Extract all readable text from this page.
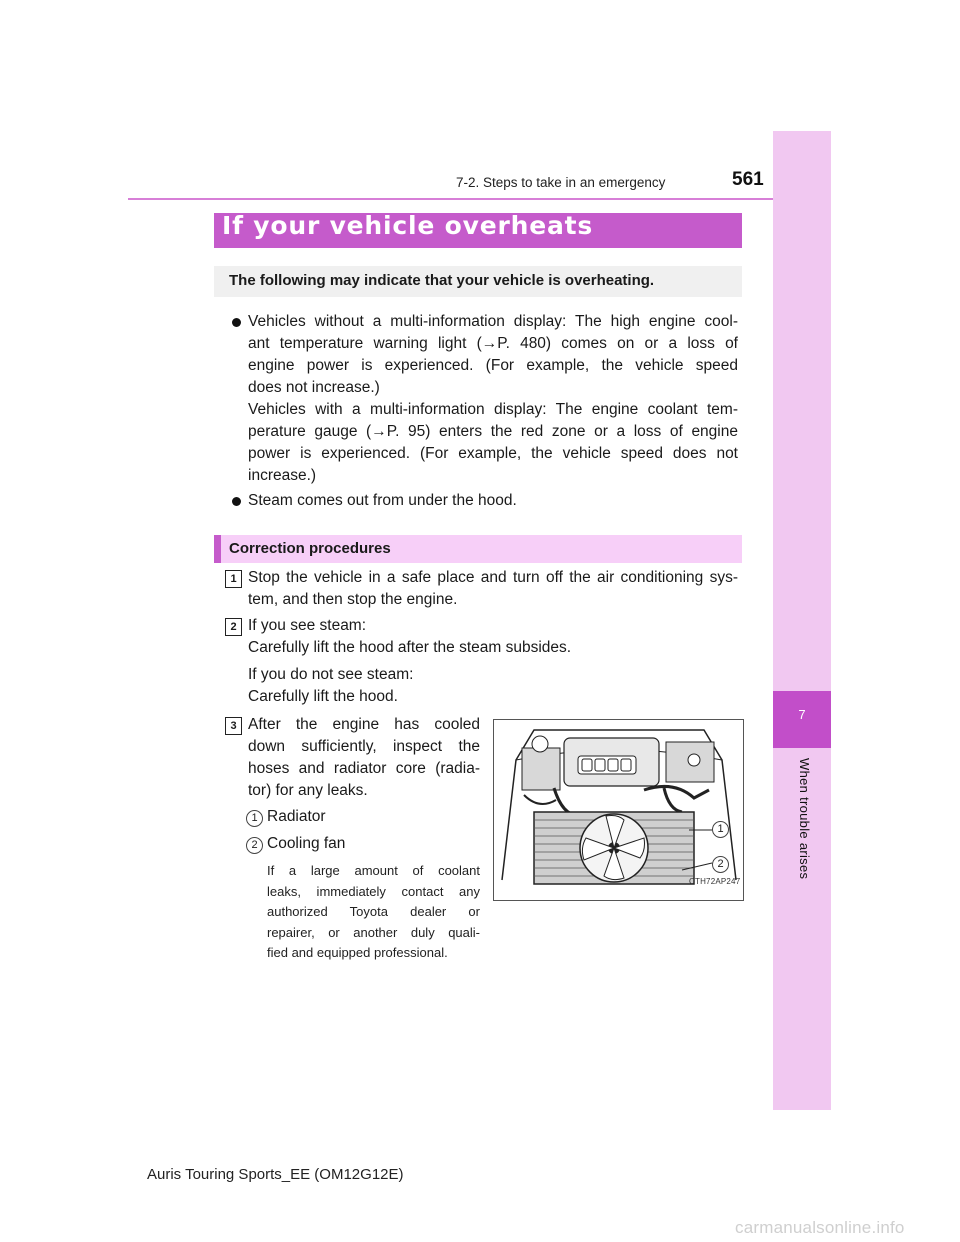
7-2. Steps to take in an emergency	561
7
When trouble arises
If your vehicle overheats
The following may indicate that your vehicle is overheating.
Vehicles without a multi-information display: The high engine cool-
ant temperature warning light (→P. 480) comes on or a loss of
engine power is experienced. (For example, the vehicle speed
does not increase.)
Vehicles with a multi-information display: The engine coolant tem-
perature gauge (→P. 95) enters the red zone or a loss of engine
power is experienced. (For example, the vehicle speed does not
increase.)
Steam comes out from under the hood.
Correction procedures
1 Stop the vehicle in a safe place and turn off the air conditioning sys-
tem, and then stop the engine.
2 If you see steam:
Carefully lift the hood after the steam subsides.
If you do not see steam:
Carefully lift the hood.
3 After the engine has cooled
down sufficiently, inspect the
hoses and radiator core (radia-
tor) for any leaks.
1 Radiator
2 Cooling fan
If a large amount of coolant
leaks, immediately contact any
authorized Toyota dealer or
repairer, or another duly quali-
fied and equipped professional.
1
2
CTH72AP247
Auris Touring Sports_EE (OM12G12E)
carmanualsonline.info
